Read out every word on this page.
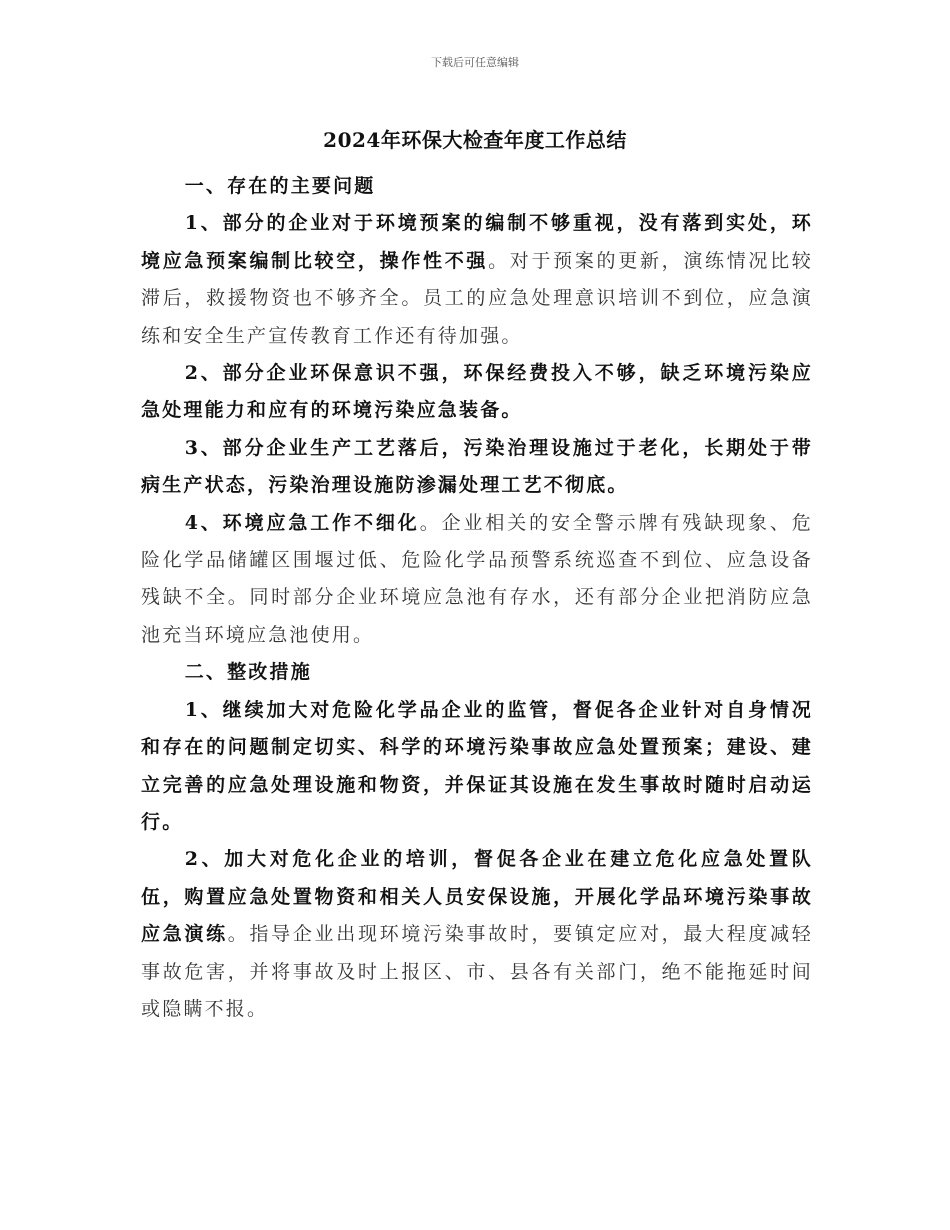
下载后可任意编辑
2024年环保大检查年度工作总结

一、存在的主要问题

1、部分的企业对于环境预案的编制不够重视，没有落到实处，环境应急预案编制比较空，操作性不强。对于预案的更新，演练情况比较滞后，救援物资也不够齐全。员工的应急处理意识培训不到位，应急演练和安全生产宣传教育工作还有待加强。

2、部分企业环保意识不强，环保经费投入不够，缺乏环境污染应急处理能力和应有的环境污染应急装备。

3、部分企业生产工艺落后，污染治理设施过于老化，长期处于带病生产状态，污染治理设施防渗漏处理工艺不彻底。

4、环境应急工作不细化。企业相关的安全警示牌有残缺现象、危险化学品储罐区围堰过低、危险化学品预警系统巡查不到位、应急设备残缺不全。同时部分企业环境应急池有存水，还有部分企业把消防应急池充当环境应急池使用。

二、整改措施

1、继续加大对危险化学品企业的监管，督促各企业针对自身情况和存在的问题制定切实、科学的环境污染事故应急处置预案；建设、建立完善的应急处理设施和物资，并保证其设施在发生事故时随时启动运行。

2、加大对危化企业的培训，督促各企业在建立危化应急处置队伍，购置应急处置物资和相关人员安保设施，开展化学品环境污染事故应急演练。指导企业出现环境污染事故时，要镇定应对，最大程度减轻事故危害，并将事故及时上报区、市、县各有关部门，绝不能拖延时间或隐瞒不报。
